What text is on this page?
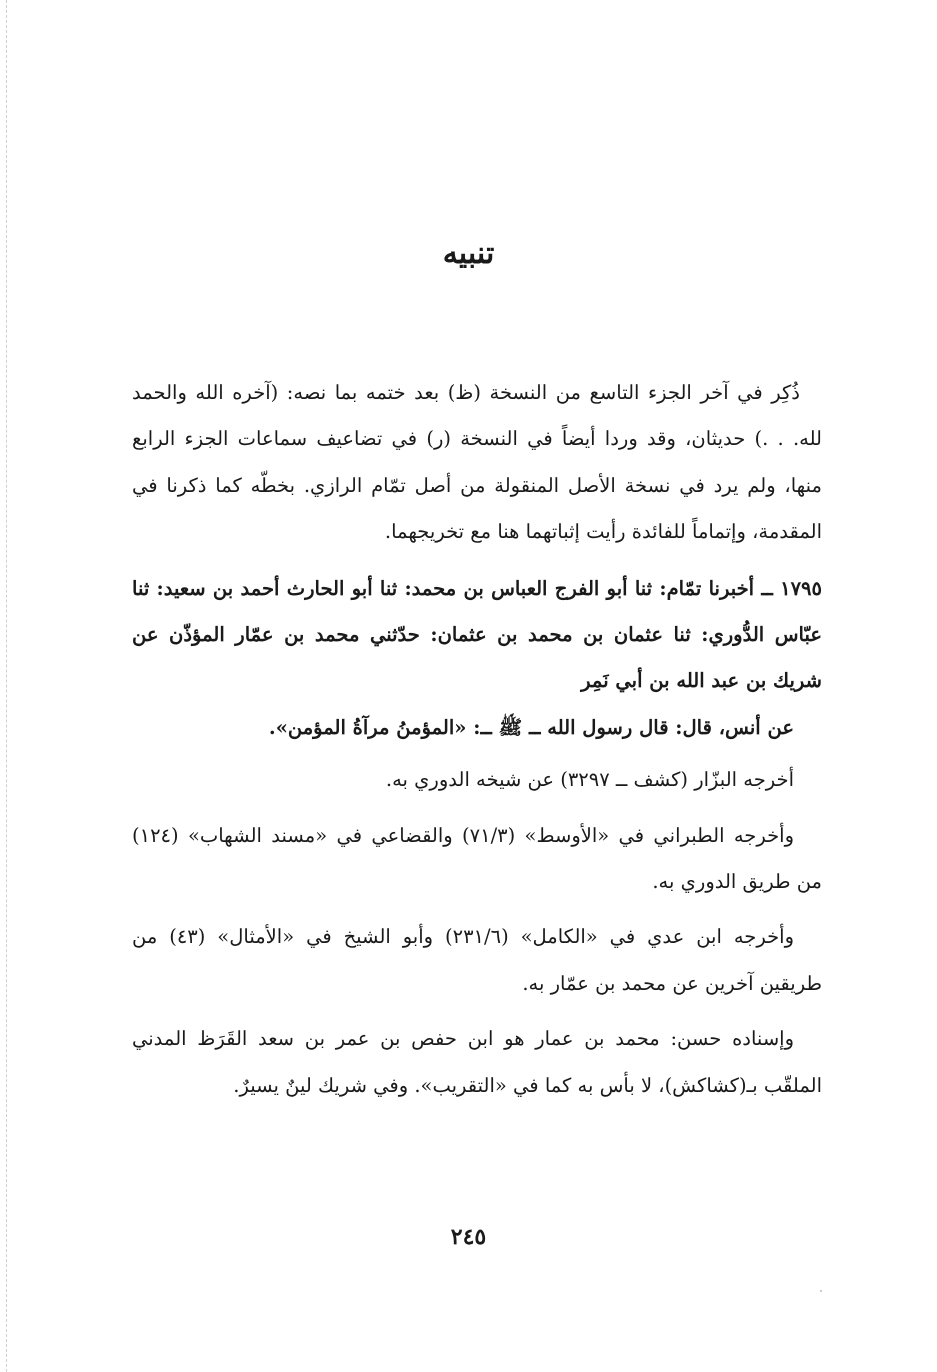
تنبيه

ذُكِر في آخر الجزء التاسع من النسخة (ظ) بعد ختمه بما نصه: (آخره الله والحمد لله. . .) حديثان، وقد وردا أيضاً في النسخة (ر) في تضاعيف سماعات الجزء الرابع منها، ولم يرد في نسخة الأصل المنقولة من أصل تمّام الرازي. بخطّه كما ذكرنا في المقدمة، وإتماماً للفائدة رأيت إثباتهما هنا مع تخريجهما.

١٧٩٥ ــ أخبرنا تمّام: ثنا أبو الفرج العباس بن محمد: ثنا أبو الحارث أحمد بن سعيد: ثنا عبّاس الدُّوري: ثنا عثمان بن محمد بن عثمان: حدّثني محمد بن عمّار المؤذّن عن شريك بن عبد الله بن أبي نَمِر

عن أنس، قال: قال رسول الله ــ ﷺ ــ: «المؤمنُ مرآةُ المؤمن».

أخرجه البزّار (كشف ــ ٣٢٩٧) عن شيخه الدوري به.

وأخرجه الطبراني في «الأوسط» (٧١/٣) والقضاعي في «مسند الشهاب» (١٢٤) من طريق الدوري به.

وأخرجه ابن عدي في «الكامل» (٢٣١/٦) وأبو الشيخ في «الأمثال» (٤٣) من طريقين آخرين عن محمد بن عمّار به.

وإسناده حسن: محمد بن عمار هو ابن حفص بن عمر بن سعد القَرَظ المدني الملقّب بـ(كشاكش)، لا بأس به كما في «التقريب». وفي شريك لينٌ يسيرٌ.

٢٤٥
